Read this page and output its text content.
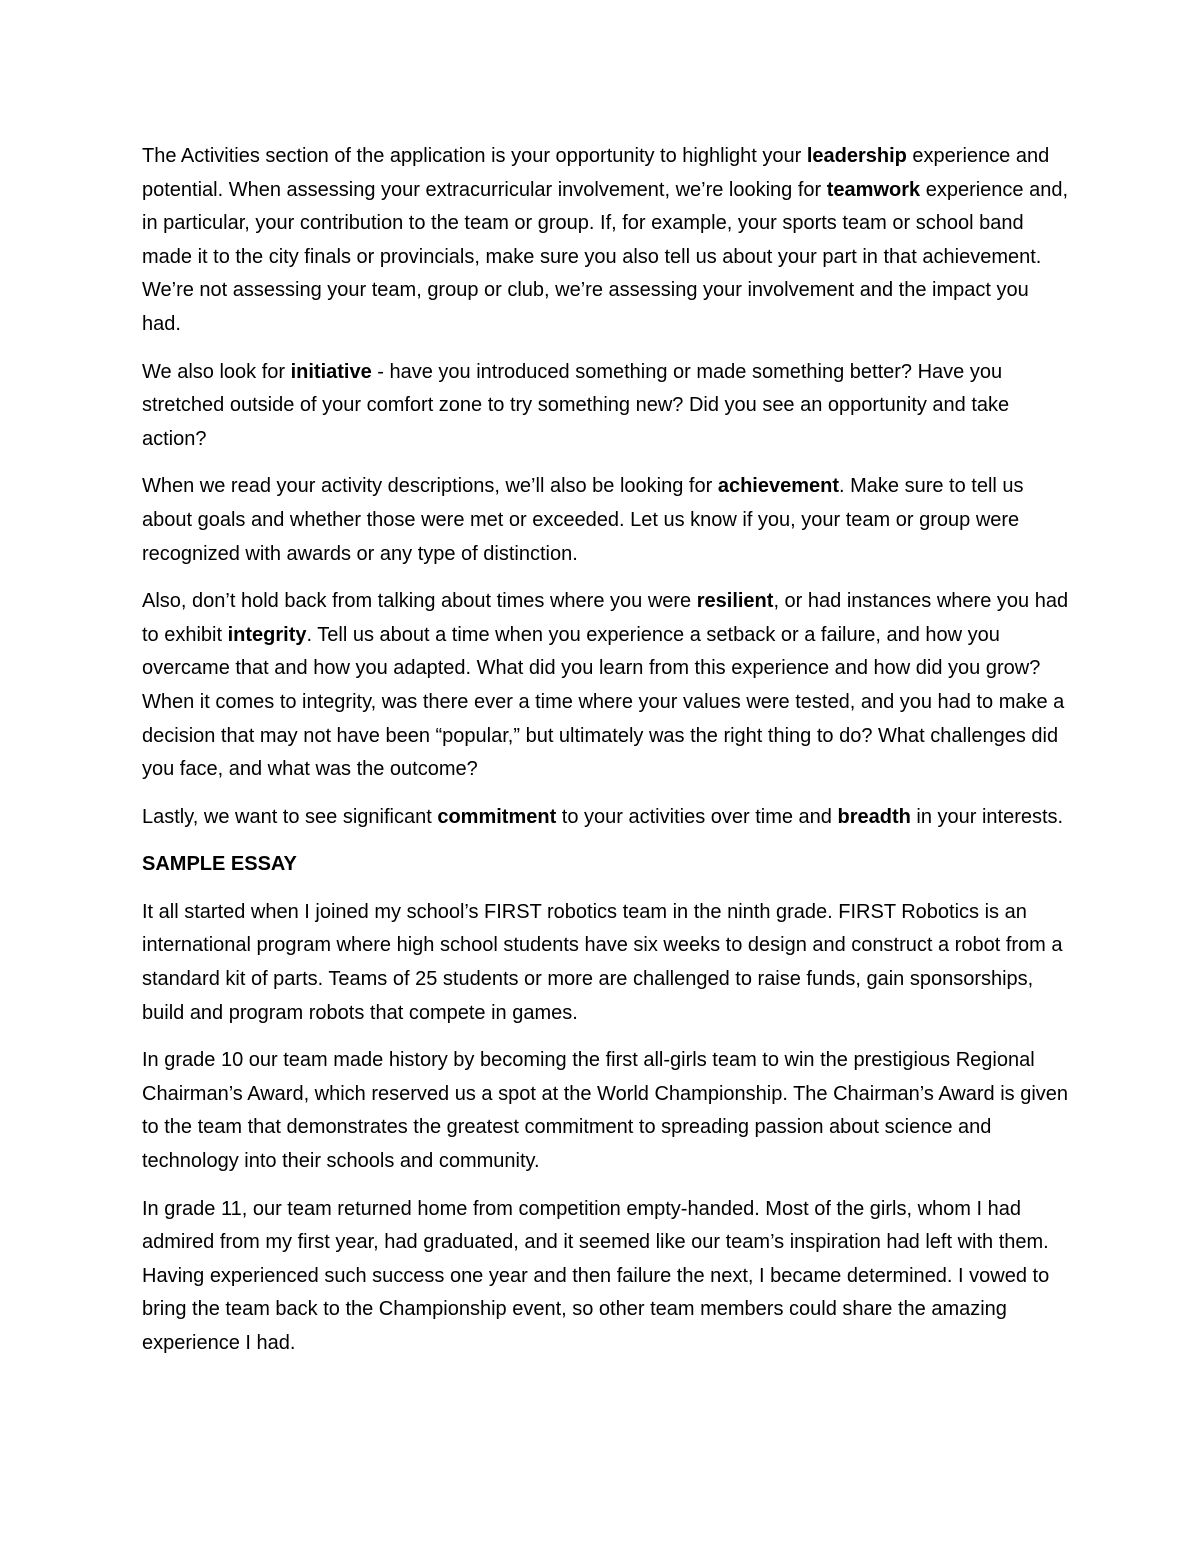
The Activities section of the application is your opportunity to highlight your leadership experience and potential. When assessing your extracurricular involvement, we’re looking for teamwork experience and, in particular, your contribution to the team or group. If, for example, your sports team or school band made it to the city finals or provincials, make sure you also tell us about your part in that achievement. We’re not assessing your team, group or club, we’re assessing your involvement and the impact you had.

We also look for initiative - have you introduced something or made something better? Have you stretched outside of your comfort zone to try something new? Did you see an opportunity and take action?

When we read your activity descriptions, we’ll also be looking for achievement. Make sure to tell us about goals and whether those were met or exceeded. Let us know if you, your team or group were recognized with awards or any type of distinction.

Also, don’t hold back from talking about times where you were resilient, or had instances where you had to exhibit integrity. Tell us about a time when you experience a setback or a failure, and how you overcame that and how you adapted. What did you learn from this experience and how did you grow? When it comes to integrity, was there ever a time where your values were tested, and you had to make a decision that may not have been “popular,” but ultimately was the right thing to do? What challenges did you face, and what was the outcome?

Lastly, we want to see significant commitment to your activities over time and breadth in your interests.

SAMPLE ESSAY

It all started when I joined my school’s FIRST robotics team in the ninth grade. FIRST Robotics is an international program where high school students have six weeks to design and construct a robot from a standard kit of parts. Teams of 25 students or more are challenged to raise funds, gain sponsorships, build and program robots that compete in games.

In grade 10 our team made history by becoming the first all-girls team to win the prestigious Regional Chairman’s Award, which reserved us a spot at the World Championship. The Chairman’s Award is given to the team that demonstrates the greatest commitment to spreading passion about science and technology into their schools and community.

In grade 11, our team returned home from competition empty-handed. Most of the girls, whom I had admired from my first year, had graduated, and it seemed like our team’s inspiration had left with them. Having experienced such success one year and then failure the next, I became determined. I vowed to bring the team back to the Championship event, so other team members could share the amazing experience I had.
